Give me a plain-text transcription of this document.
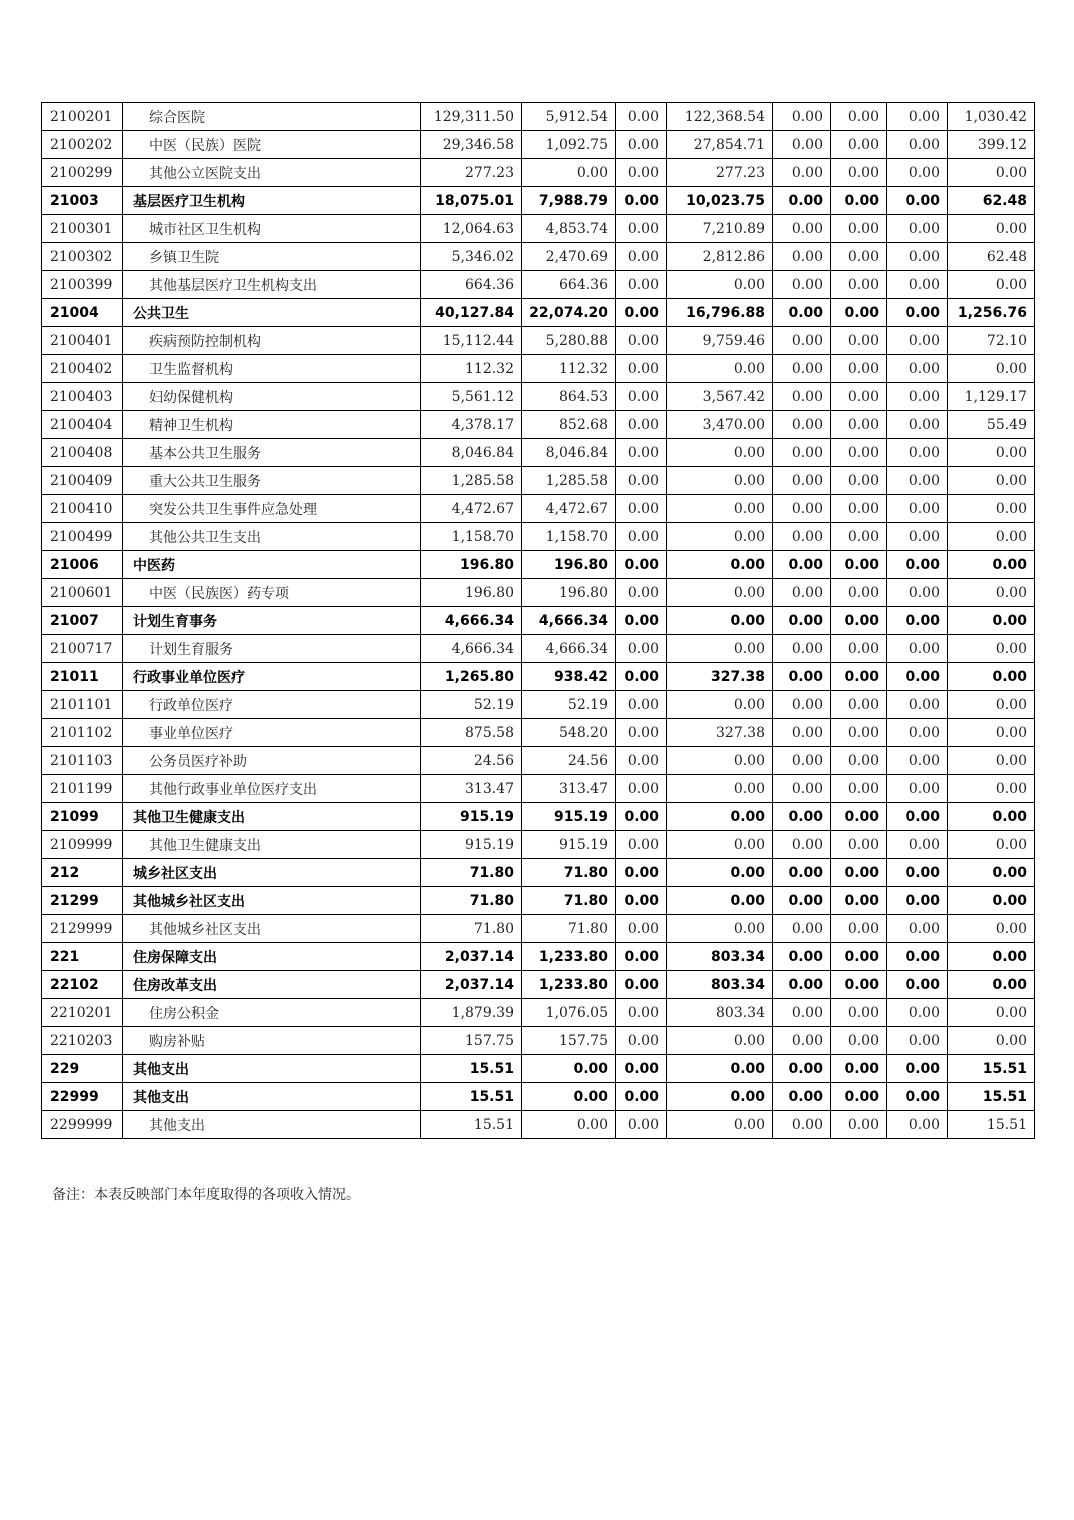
2100201	综合医院	129,311.50	5,912.54	0.00	122,368.54	0.00	0.00	0.00	1,030.42
2100202	中医（民族）医院	29,346.58	1,092.75	0.00	27,854.71	0.00	0.00	0.00	399.12
2100299	其他公立医院支出	277.23	0.00	0.00	277.23	0.00	0.00	0.00	0.00
21003	基层医疗卫生机构	18,075.01	7,988.79	0.00	10,023.75	0.00	0.00	0.00	62.48
2100301	城市社区卫生机构	12,064.63	4,853.74	0.00	7,210.89	0.00	0.00	0.00	0.00
2100302	乡镇卫生院	5,346.02	2,470.69	0.00	2,812.86	0.00	0.00	0.00	62.48
2100399	其他基层医疗卫生机构支出	664.36	664.36	0.00	0.00	0.00	0.00	0.00	0.00
21004	公共卫生	40,127.84	22,074.20	0.00	16,796.88	0.00	0.00	0.00	1,256.76
2100401	疾病预防控制机构	15,112.44	5,280.88	0.00	9,759.46	0.00	0.00	0.00	72.10
2100402	卫生监督机构	112.32	112.32	0.00	0.00	0.00	0.00	0.00	0.00
2100403	妇幼保健机构	5,561.12	864.53	0.00	3,567.42	0.00	0.00	0.00	1,129.17
2100404	精神卫生机构	4,378.17	852.68	0.00	3,470.00	0.00	0.00	0.00	55.49
2100408	基本公共卫生服务	8,046.84	8,046.84	0.00	0.00	0.00	0.00	0.00	0.00
2100409	重大公共卫生服务	1,285.58	1,285.58	0.00	0.00	0.00	0.00	0.00	0.00
2100410	突发公共卫生事件应急处理	4,472.67	4,472.67	0.00	0.00	0.00	0.00	0.00	0.00
2100499	其他公共卫生支出	1,158.70	1,158.70	0.00	0.00	0.00	0.00	0.00	0.00
21006	中医药	196.80	196.80	0.00	0.00	0.00	0.00	0.00	0.00
2100601	中医（民族医）药专项	196.80	196.80	0.00	0.00	0.00	0.00	0.00	0.00
21007	计划生育事务	4,666.34	4,666.34	0.00	0.00	0.00	0.00	0.00	0.00
2100717	计划生育服务	4,666.34	4,666.34	0.00	0.00	0.00	0.00	0.00	0.00
21011	行政事业单位医疗	1,265.80	938.42	0.00	327.38	0.00	0.00	0.00	0.00
2101101	行政单位医疗	52.19	52.19	0.00	0.00	0.00	0.00	0.00	0.00
2101102	事业单位医疗	875.58	548.20	0.00	327.38	0.00	0.00	0.00	0.00
2101103	公务员医疗补助	24.56	24.56	0.00	0.00	0.00	0.00	0.00	0.00
2101199	其他行政事业单位医疗支出	313.47	313.47	0.00	0.00	0.00	0.00	0.00	0.00
21099	其他卫生健康支出	915.19	915.19	0.00	0.00	0.00	0.00	0.00	0.00
2109999	其他卫生健康支出	915.19	915.19	0.00	0.00	0.00	0.00	0.00	0.00
212	城乡社区支出	71.80	71.80	0.00	0.00	0.00	0.00	0.00	0.00
21299	其他城乡社区支出	71.80	71.80	0.00	0.00	0.00	0.00	0.00	0.00
2129999	其他城乡社区支出	71.80	71.80	0.00	0.00	0.00	0.00	0.00	0.00
221	住房保障支出	2,037.14	1,233.80	0.00	803.34	0.00	0.00	0.00	0.00
22102	住房改革支出	2,037.14	1,233.80	0.00	803.34	0.00	0.00	0.00	0.00
2210201	住房公积金	1,879.39	1,076.05	0.00	803.34	0.00	0.00	0.00	0.00
2210203	购房补贴	157.75	157.75	0.00	0.00	0.00	0.00	0.00	0.00
229	其他支出	15.51	0.00	0.00	0.00	0.00	0.00	0.00	15.51
22999	其他支出	15.51	0.00	0.00	0.00	0.00	0.00	0.00	15.51
2299999	其他支出	15.51	0.00	0.00	0.00	0.00	0.00	0.00	15.51
备注：本表反映部门本年度取得的各项收入情况。
